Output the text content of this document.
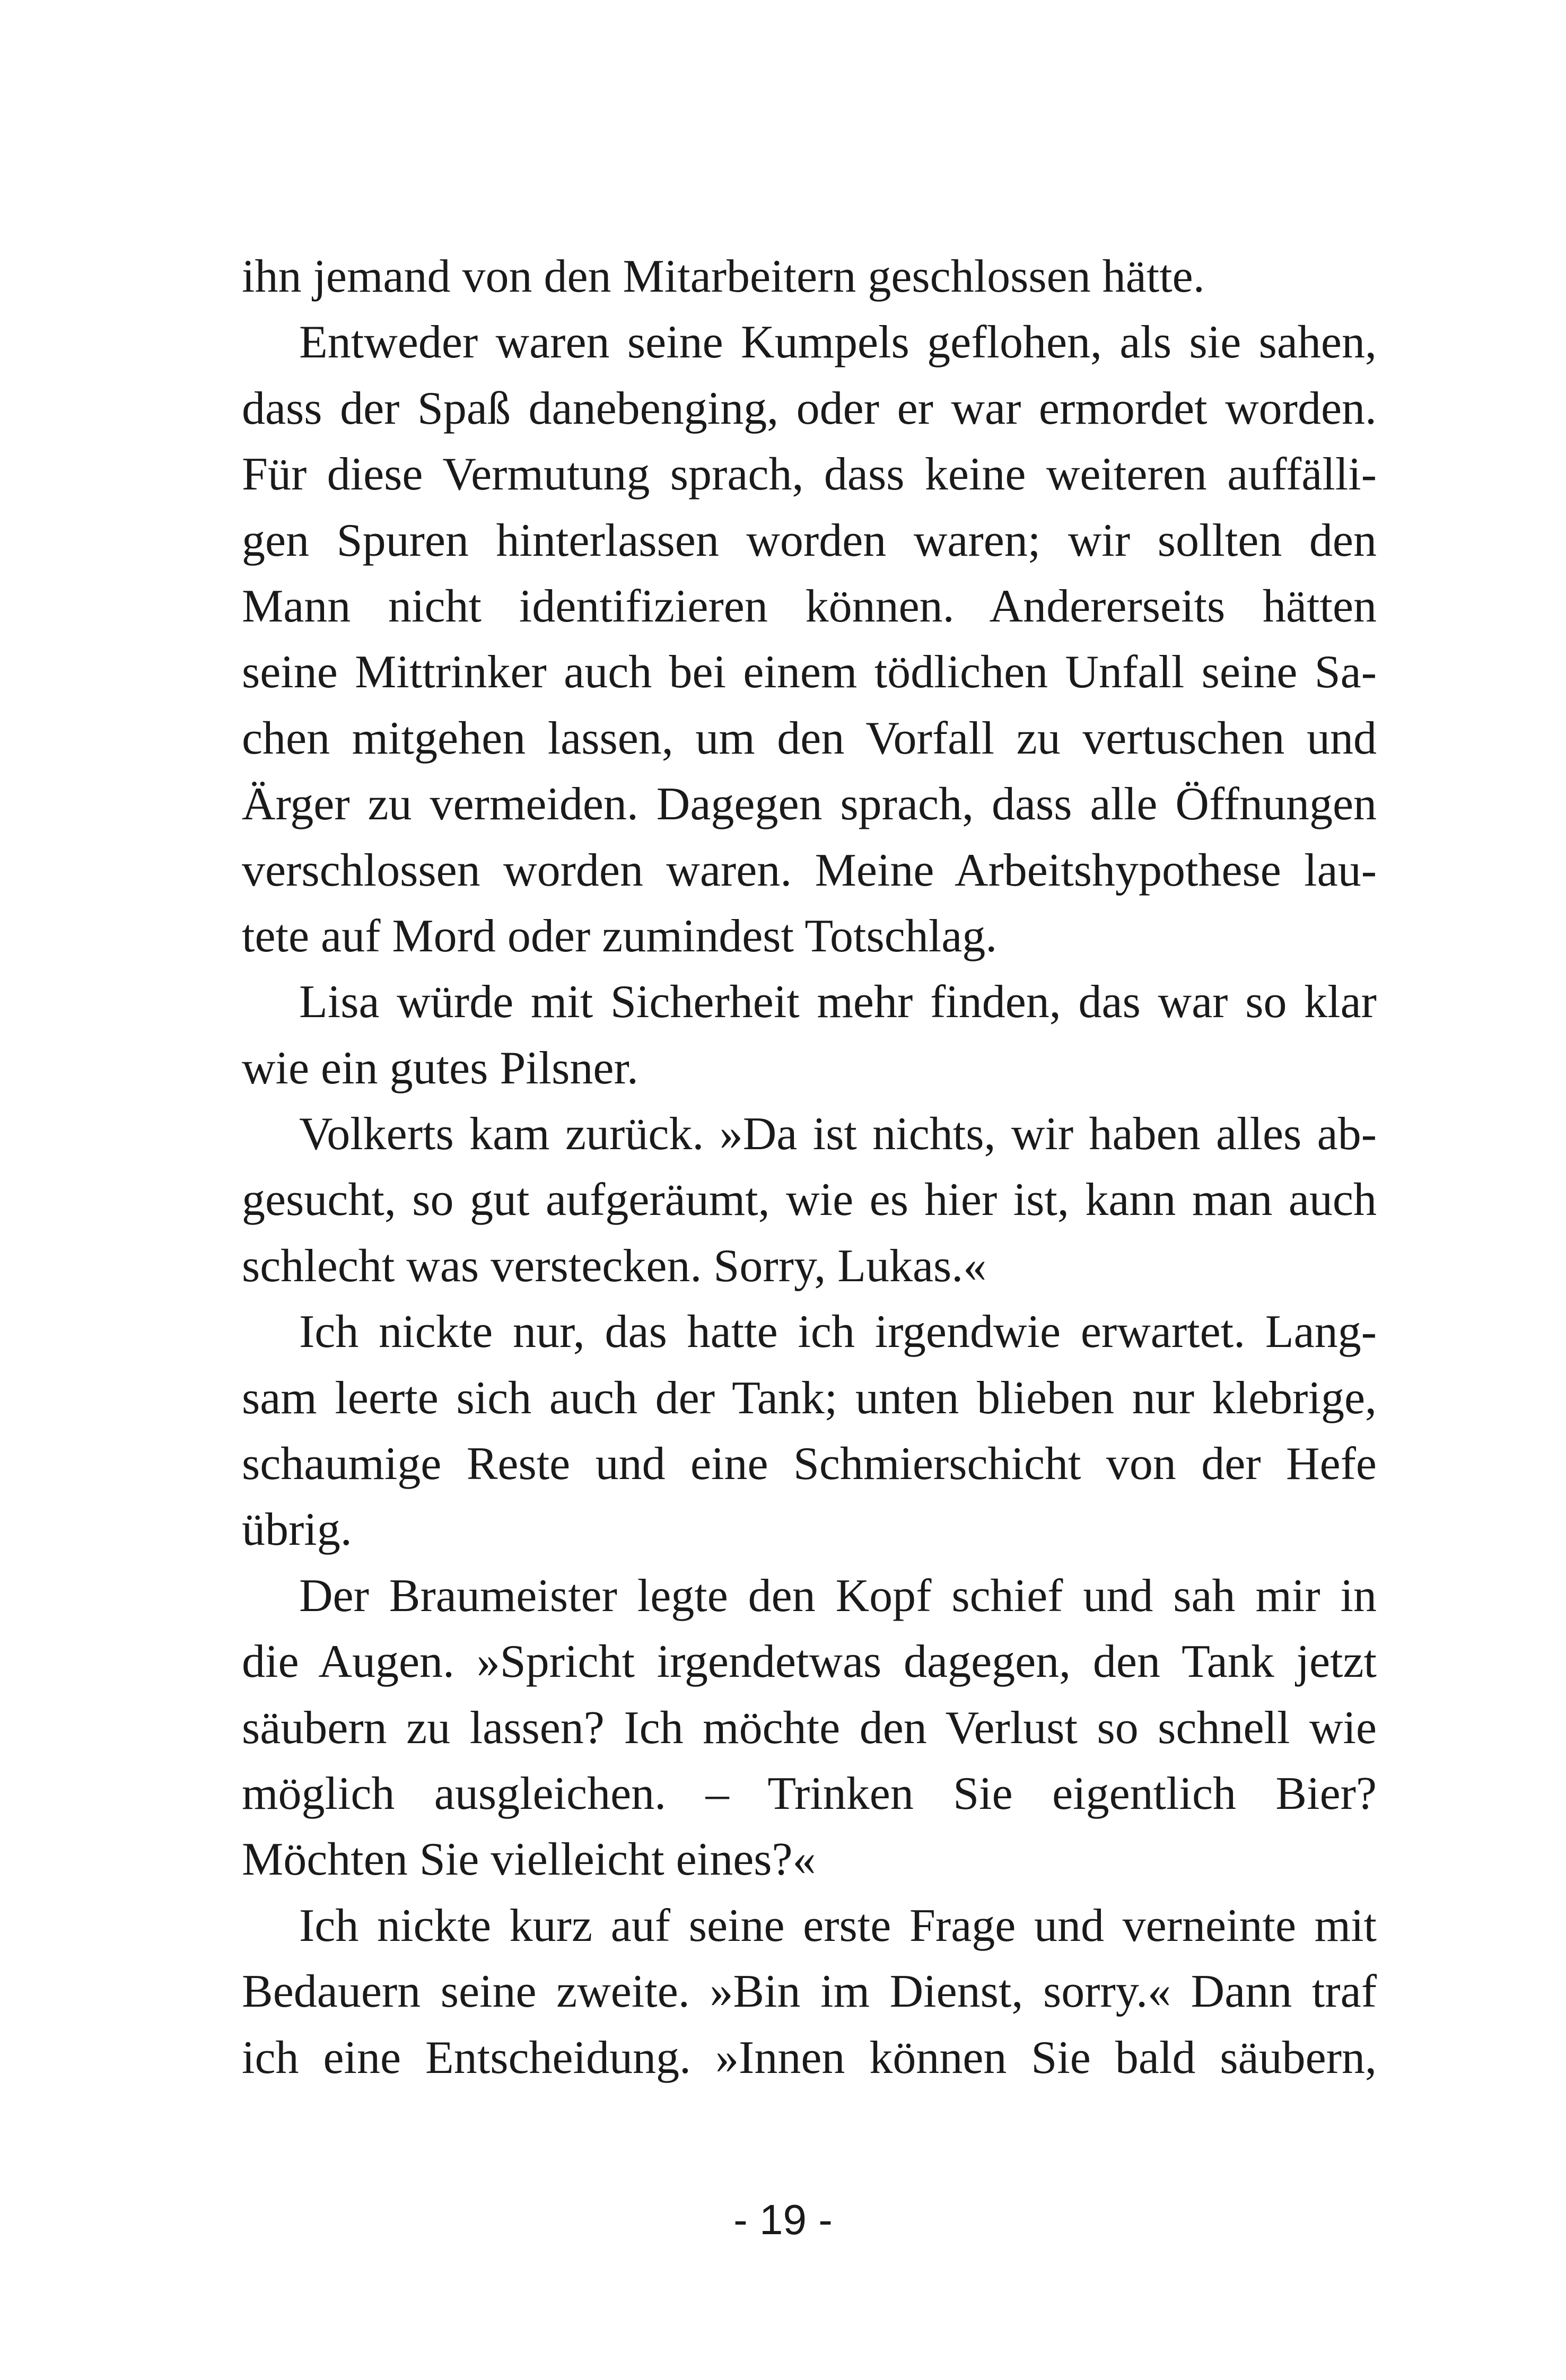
ihn jemand von den Mitarbeitern geschlossen hätte.
Entweder waren seine Kumpels geflohen, als sie sahen,
dass der Spaß danebenging, oder er war ermordet worden.
Für diese Vermutung sprach, dass keine weiteren auffälli-
gen Spuren hinterlassen worden waren; wir sollten den
Mann nicht identifizieren können. Andererseits hätten
seine Mittrinker auch bei einem tödlichen Unfall seine Sa-
chen mitgehen lassen, um den Vorfall zu vertuschen und
Ärger zu vermeiden. Dagegen sprach, dass alle Öffnungen
verschlossen worden waren. Meine Arbeitshypothese lau-
tete auf Mord oder zumindest Totschlag.
Lisa würde mit Sicherheit mehr finden, das war so klar
wie ein gutes Pilsner.
Volkerts kam zurück. »Da ist nichts, wir haben alles ab-
gesucht, so gut aufgeräumt, wie es hier ist, kann man auch
schlecht was verstecken. Sorry, Lukas.«
Ich nickte nur, das hatte ich irgendwie erwartet. Lang-
sam leerte sich auch der Tank; unten blieben nur klebrige,
schaumige Reste und eine Schmierschicht von der Hefe
übrig.
Der Braumeister legte den Kopf schief und sah mir in
die Augen. »Spricht irgendetwas dagegen, den Tank jetzt
säubern zu lassen? Ich möchte den Verlust so schnell wie
möglich ausgleichen. – Trinken Sie eigentlich Bier?
Möchten Sie vielleicht eines?«
Ich nickte kurz auf seine erste Frage und verneinte mit
Bedauern seine zweite. »Bin im Dienst, sorry.« Dann traf
ich eine Entscheidung. »Innen können Sie bald säubern,
- 19 -
